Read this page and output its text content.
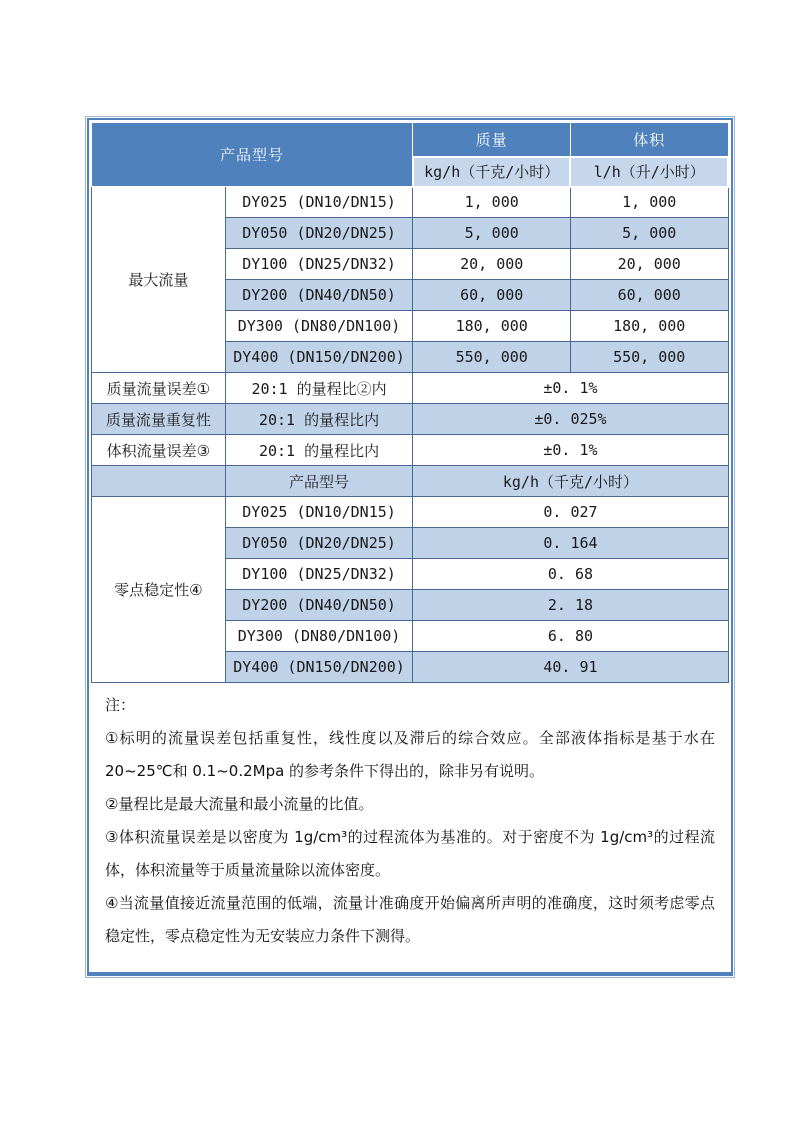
产品型号		质量	体积
		kg/h（千克/小时）	l/h（升/小时）
最大流量	DY025 (DN10/DN15)	1, 000	1, 000
	DY050 (DN20/DN25)	5, 000	5, 000
	DY100 (DN25/DN32)	20, 000	20, 000
	DY200 (DN40/DN50)	60, 000	60, 000
	DY300 (DN80/DN100)	180, 000	180, 000
	DY400 (DN150/DN200)	550, 000	550, 000
质量流量误差①	20:1 的量程比②内	±0. 1%	
质量流量重复性	20:1 的量程比内	±0. 025%	
体积流量误差③	20:1 的量程比内	±0. 1%	
	产品型号	kg/h（千克/小时）	
零点稳定性④	DY025 (DN10/DN15)	0. 027	
	DY050 (DN20/DN25)	0. 164	
	DY100 (DN25/DN32)	0. 68	
	DY200 (DN40/DN50)	2. 18	
	DY300 (DN80/DN100)	6. 80	
	DY400 (DN150/DN200)	40. 91	

注：

①标明的流量误差包括重复性，线性度以及滞后的综合效应。全部液体指标是基于水在20~25℃和 0.1~0.2Mpa 的参考条件下得出的，除非另有说明。

②量程比是最大流量和最小流量的比值。

③体积流量误差是以密度为 1g/cm³的过程流体为基准的。对于密度不为 1g/cm³的过程流体，体积流量等于质量流量除以流体密度。

④当流量值接近流量范围的低端，流量计准确度开始偏离所声明的准确度，这时须考虑零点稳定性，零点稳定性为无安装应力条件下测得。
